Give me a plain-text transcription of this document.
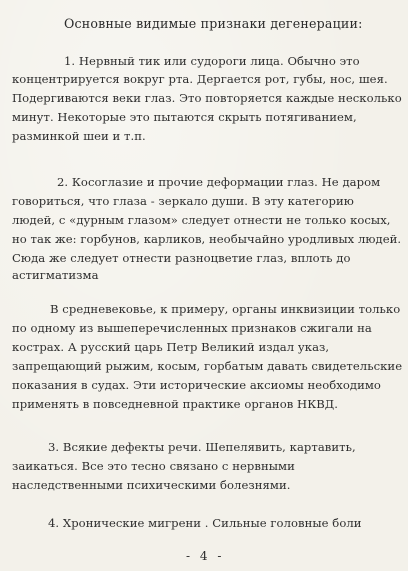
Основные видимые признаки дегенерации:
1. Нервный тик или судороги лица. Обычно это
концентрируется вокруг рта. Дергается рот, губы, нос, шея.
Подергиваются веки глаз. Это повторяется каждые несколько
минут. Некоторые это пытаются скрыть потягиванием,
разминкой шеи и т.п.
2. Косоглазие и прочие деформации глаз. Не даром
говориться, что глаза - зеркало души. В эту категорию
людей, с «дурным глазом» следует отнести не только косых,
но так же: горбунов, карликов, необычайно уродливых людей.
Сюда же следует отнести разноцветие глаз, вплоть до
астигматизма
В средневековье, к примеру, органы инквизиции только
по одному из вышеперечисленных признаков сжигали на
кострах. А русский царь Петр Великий издал указ,
запрещающий рыжим, косым, горбатым давать свидетельские
показания в судах. Эти исторические аксиомы необходимо
применять в повседневной практике органов НКВД.
3. Всякие дефекты речи. Шепелявить, картавить,
заикаться. Все это тесно связано с нервными
наследственными психическими болезнями.
4. Хронические мигрени . Сильные головные боли
- 4 -
